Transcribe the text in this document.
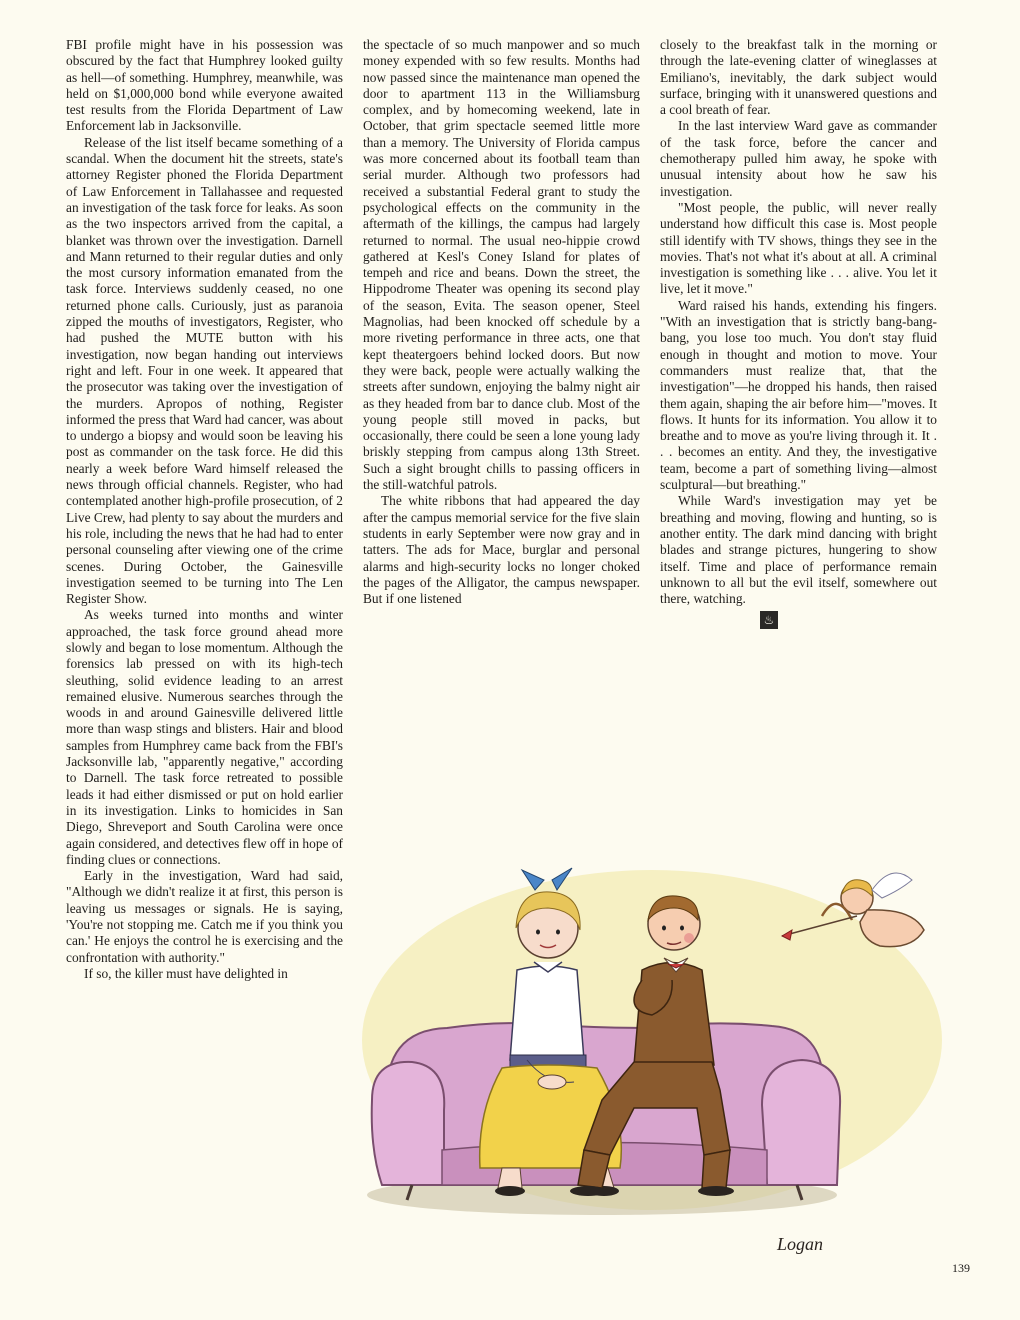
FBI profile might have in his possession was obscured by the fact that Humphrey looked guilty as hell—of something. Humphrey, meanwhile, was held on $1,000,000 bond while everyone awaited test results from the Florida Department of Law Enforcement lab in Jacksonville.

Release of the list itself became something of a scandal. When the document hit the streets, state's attorney Register phoned the Florida Department of Law Enforcement in Tallahassee and requested an investigation of the task force for leaks. As soon as the two inspectors arrived from the capital, a blanket was thrown over the investigation. Darnell and Mann returned to their regular duties and only the most cursory information emanated from the task force. Interviews suddenly ceased, no one returned phone calls. Curiously, just as paranoia zipped the mouths of investigators, Register, who had pushed the MUTE button with his investigation, now began handing out interviews right and left. Four in one week. It appeared that the prosecutor was taking over the investigation of the murders. Apropos of nothing, Register informed the press that Ward had cancer, was about to undergo a biopsy and would soon be leaving his post as commander on the task force. He did this nearly a week before Ward himself released the news through official channels. Register, who had contemplated another high-profile prosecution, of 2 Live Crew, had plenty to say about the murders and his role, including the news that he had had to enter personal counseling after viewing one of the crime scenes. During October, the Gainesville investigation seemed to be turning into The Len Register Show.

As weeks turned into months and winter approached, the task force ground ahead more slowly and began to lose momentum. Although the forensics lab pressed on with its high-tech sleuthing, solid evidence leading to an arrest remained elusive. Numerous searches through the woods in and around Gainesville delivered little more than wasp stings and blisters. Hair and blood samples from Humphrey came back from the FBI's Jacksonville lab, "apparently negative," according to Darnell. The task force retreated to possible leads it had either dismissed or put on hold earlier in its investigation. Links to homicides in San Diego, Shreveport and South Carolina were once again considered, and detectives flew off in hope of finding clues or connections.

Early in the investigation, Ward had said, "Although we didn't realize it at first, this person is leaving us messages or signals. He is saying, 'You're not stopping me. Catch me if you think you can.' He enjoys the control he is exercising and the confrontation with authority."

If so, the killer must have delighted in

the spectacle of so much manpower and so much money expended with so few results. Months had now passed since the maintenance man opened the door to apartment 113 in the Williamsburg complex, and by homecoming weekend, late in October, that grim spectacle seemed little more than a memory. The University of Florida campus was more concerned about its football team than serial murder. Although two professors had received a substantial Federal grant to study the psychological effects on the community in the aftermath of the killings, the campus had largely returned to normal. The usual neo-hippie crowd gathered at Kesl's Coney Island for plates of tempeh and rice and beans. Down the street, the Hippodrome Theater was opening its second play of the season, Evita. The season opener, Steel Magnolias, had been knocked off schedule by a more riveting performance in three acts, one that kept theatergoers behind locked doors. But now they were back, people were actually walking the streets after sundown, enjoying the balmy night air as they headed from bar to dance club. Most of the young people still moved in packs, but occasionally, there could be seen a lone young lady briskly stepping from campus along 13th Street. Such a sight brought chills to passing officers in the still-watchful patrols.

The white ribbons that had appeared the day after the campus memorial service for the five slain students in early September were now gray and in tatters. The ads for Mace, burglar and personal alarms and high-security locks no longer choked the pages of the Alligator, the campus newspaper. But if one listened

closely to the breakfast talk in the morning or through the late-evening clatter of wineglasses at Emiliano's, inevitably, the dark subject would surface, bringing with it unanswered questions and a cool breath of fear.

In the last interview Ward gave as commander of the task force, before the cancer and chemotherapy pulled him away, he spoke with unusual intensity about how he saw his investigation.

"Most people, the public, will never really understand how difficult this case is. Most people still identify with TV shows, things they see in the movies. That's not what it's about at all. A criminal investigation is something like . . . alive. You let it live, let it move."

Ward raised his hands, extending his fingers. "With an investigation that is strictly bang-bang-bang, you lose too much. You don't stay fluid enough in thought and motion to move. Your commanders must realize that, that the investigation"—he dropped his hands, then raised them again, shaping the air before him—"moves. It flows. It hunts for its information. You allow it to breathe and to move as you're living through it. It . . . becomes an entity. And they, the investigative team, become a part of something living—almost sculptural—but breathing."

While Ward's investigation may yet be breathing and moving, flowing and hunting, so is another entity. The dark mind dancing with bright blades and strange pictures, hungering to show itself. Time and place of performance remain unknown to all but the evil itself, somewhere out there, watching.

♨
Logan
139
